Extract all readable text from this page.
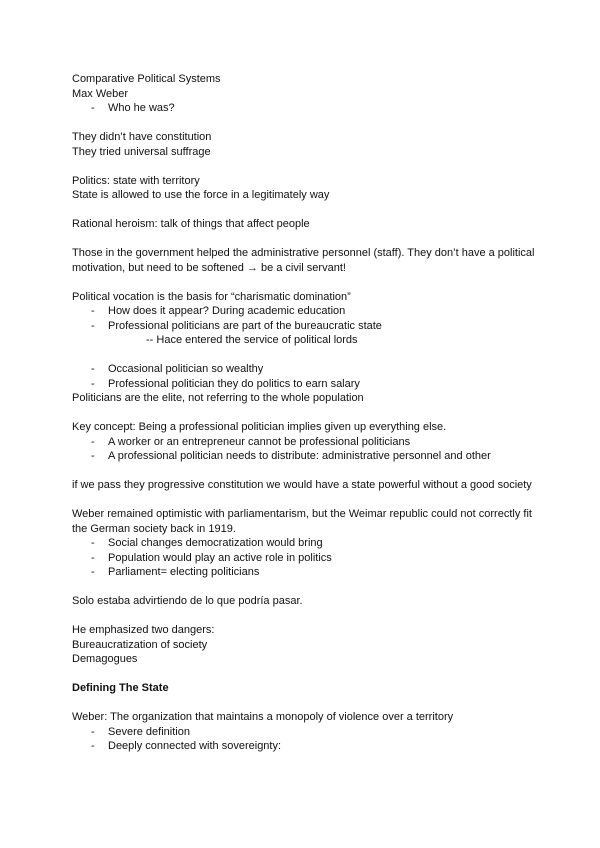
Comparative Political Systems
Max Weber
- Who he was?
They didn’t have constitution
They tried universal suffrage
Politics: state with territory
State is allowed to use the force in a legitimately way
Rational heroism: talk of things that affect people
Those in the government helped the administrative personnel (staff). They don’t have a political motivation, but need to be softened → be a civil servant!
Political vocation is the basis for “charismatic domination”
- How does it appear? During academic education
- Professional politicians are part of the bureaucratic state
-- Hace entered the service of political lords
- Occasional politician so wealthy
- Professional politician they do politics to earn salary
Politicians are the elite, not referring to the whole population
Key concept: Being a professional politician implies given up everything else.
- A worker or an entrepreneur cannot be professional politicians
- A professional politician needs to distribute: administrative personnel and other
if we pass they progressive constitution we would have a state powerful without a good society
Weber remained optimistic with parliamentarism, but the Weimar republic could not correctly fit the German society back in 1919.
- Social changes democratization would bring
- Population would play an active role in politics
- Parliament= electing politicians
Solo estaba advirtiendo de lo que podría pasar.
He emphasized two dangers:
Bureaucratization of society
Demagogues
Defining The State
Weber: The organization that maintains a monopoly of violence over a territory
- Severe definition
- Deeply connected with sovereignty:
